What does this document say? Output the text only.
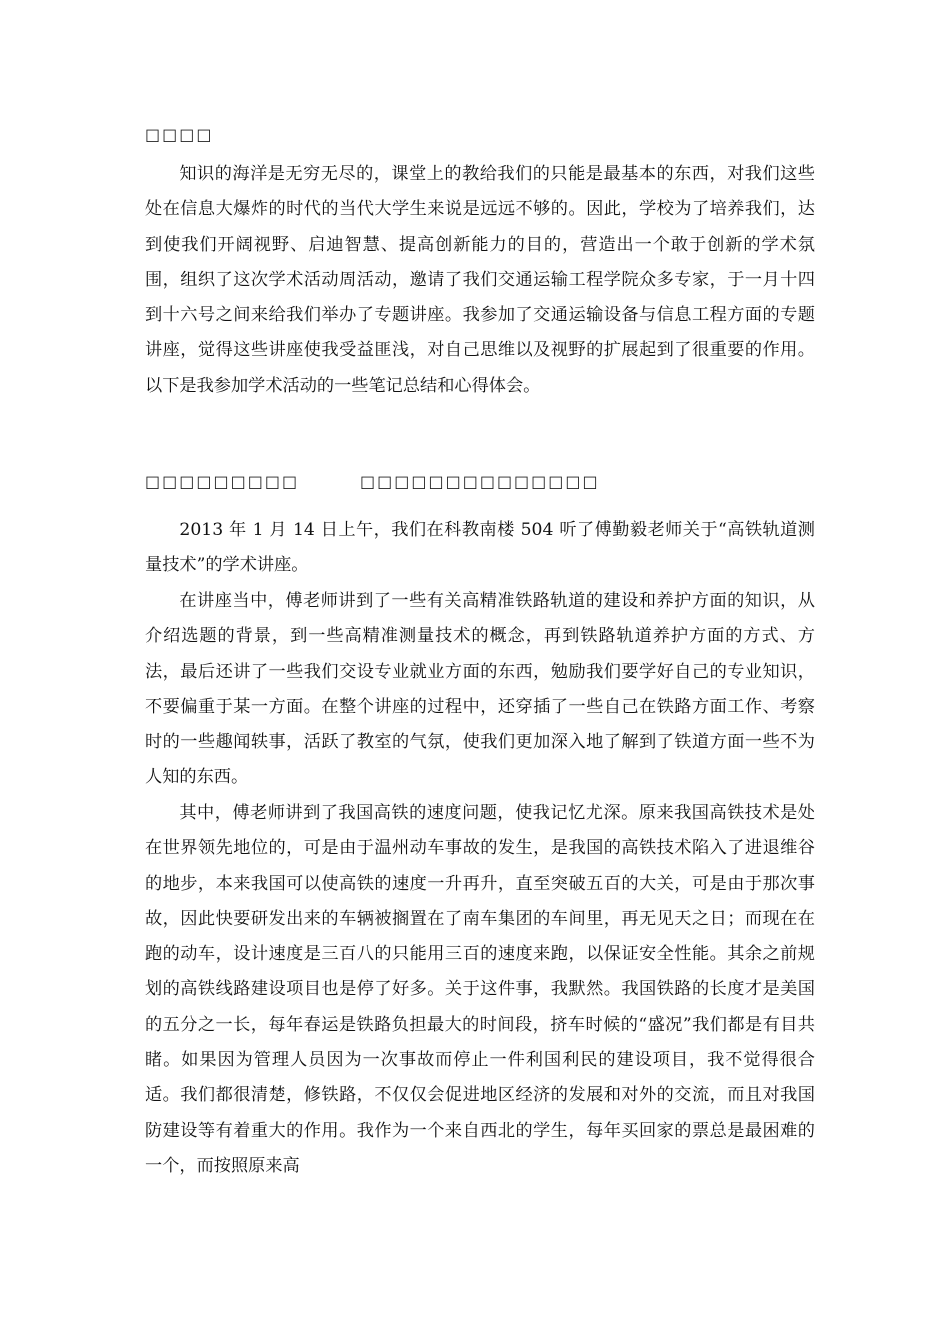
□□□□

知识的海洋是无穷无尽的，课堂上的教给我们的只能是最基本的东西，对我们这些处在信息大爆炸的时代的当代大学生来说是远远不够的。因此，学校为了培养我们，达到使我们开阔视野、启迪智慧、提高创新能力的目的，营造出一个敢于创新的学术氛围，组织了这次学术活动周活动，邀请了我们交通运输工程学院众多专家，于一月十四到十六号之间来给我们举办了专题讲座。我参加了交通运输设备与信息工程方面的专题讲座，觉得这些讲座使我受益匪浅，对自己思维以及视野的扩展起到了很重要的作用。以下是我参加学术活动的一些笔记总结和心得体会。

□□□□□□□□□	□□□□□□□□□□□□□□

2013 年 1 月 14 日上午，我们在科教南楼 504 听了傅勤毅老师关于“高铁轨道测量技术”的学术讲座。

在讲座当中，傅老师讲到了一些有关高精准铁路轨道的建设和养护方面的知识，从介绍选题的背景，到一些高精准测量技术的概念，再到铁路轨道养护方面的方式、方法，最后还讲了一些我们交设专业就业方面的东西，勉励我们要学好自己的专业知识，不要偏重于某一方面。在整个讲座的过程中，还穿插了一些自己在铁路方面工作、考察时的一些趣闻轶事，活跃了教室的气氛，使我们更加深入地了解到了铁道方面一些不为人知的东西。

其中，傅老师讲到了我国高铁的速度问题，使我记忆尤深。原来我国高铁技术是处在世界领先地位的，可是由于温州动车事故的发生，是我国的高铁技术陷入了进退维谷的地步，本来我国可以使高铁的速度一升再升，直至突破五百的大关，可是由于那次事故，因此快要研发出来的车辆被搁置在了南车集团的车间里，再无见天之日；而现在在跑的动车，设计速度是三百八的只能用三百的速度来跑，以保证安全性能。其余之前规划的高铁线路建设项目也是停了好多。关于这件事，我默然。我国铁路的长度才是美国的五分之一长，每年春运是铁路负担最大的时间段，挤车时候的“盛况”我们都是有目共睹。如果因为管理人员因为一次事故而停止一件利国利民的建设项目，我不觉得很合适。我们都很清楚，修铁路，不仅仅会促进地区经济的发展和对外的交流，而且对我国防建设等有着重大的作用。我作为一个来自西北的学生，每年买回家的票总是最困难的一个，而按照原来高
